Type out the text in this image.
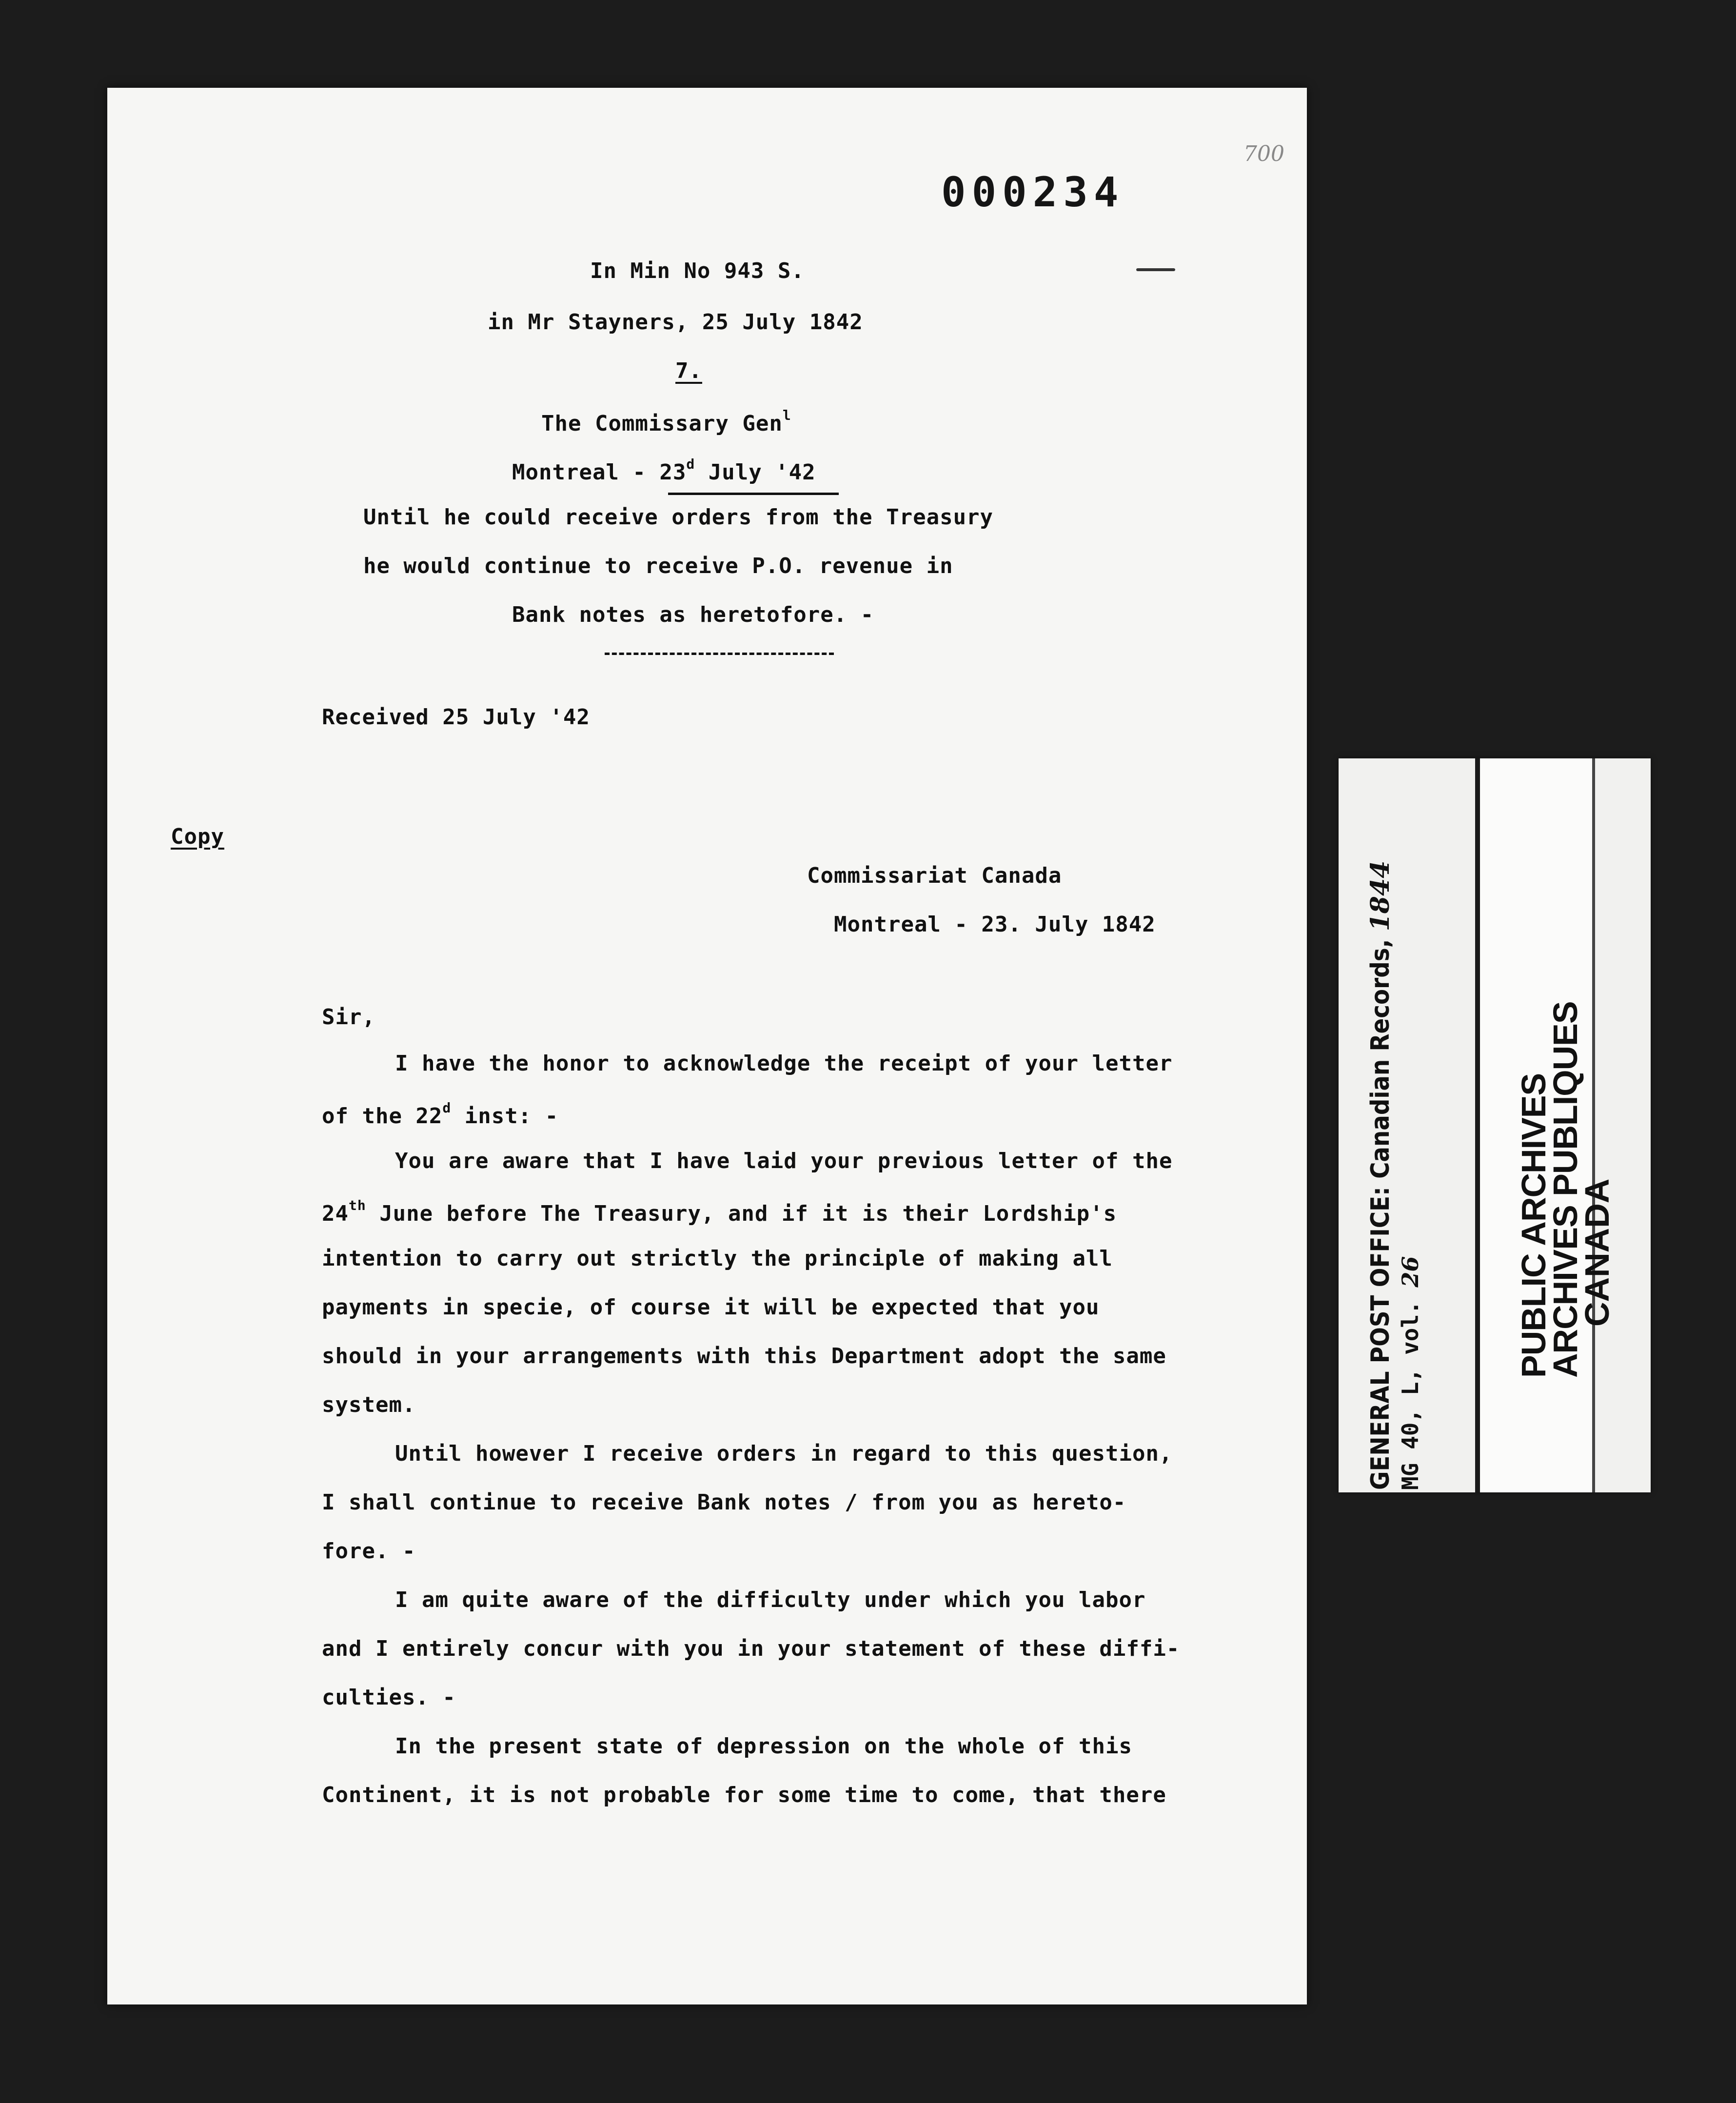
000234
700
In Min No 943 S.
in Mr Stayners, 25 July 1842
7.
The Commissary Gen$^l$
Montreal - 23$^d$ July '42
Until he could receive orders from the Treasury
he would continue to receive P.O. revenue in
Bank notes as heretofore. -
Received 25 July '42
Copy
Commissariat Canada
Montreal - 23. July 1842
Sir,
I have the honor to acknowledge the receipt of your letter
of the 22$^d$ inst: -
You are aware that I have laid your previous letter of the
24th June before The Treasury, and if it is their Lordship's
intention to carry out strictly the principle of making all
payments in specie, of course it will be expected that you
should in your arrangements with this Department adopt the same
system.
Until however I receive orders in regard to this question,
I shall continue to receive Bank notes / from you as hereto-
fore. -
I am quite aware of the difficulty under which you labor
and I entirely concur with you in your statement of these diffi-
culties. -
In the present state of depression on the whole of this
Continent, it is not probable for some time to come, that there
GENERAL POST OFFICE: Canadian Records, 1844
MG 40, L, vol. 26	PUBLIC ARCHIVES
ARCHIVES PUBLIQUES
CANADA
